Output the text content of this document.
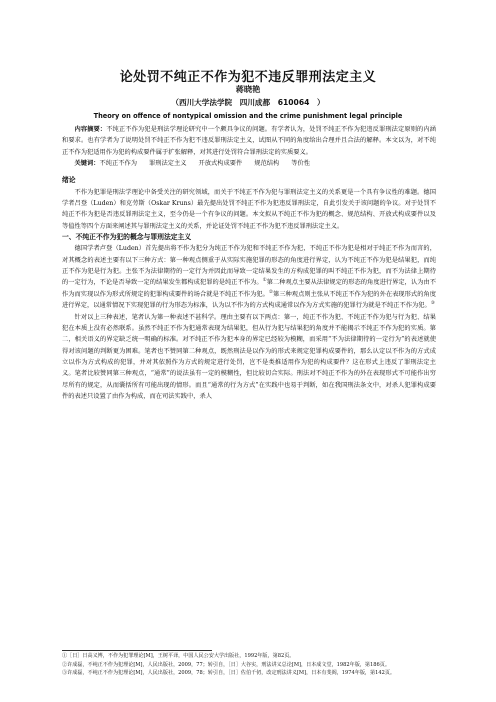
论处罚不纯正不作为犯不违反罪刑法定主义
蒋晓艳
（西川大学法学院　四川成都　610064　）
Theory on offence of nontypical omission and the crime punishment legal principle

内容摘要：不纯正不作为犯是刑法学理论研究中一个颇具争议的问题。有学者认为，处罚不纯正不作为犯违反罪刑法定原则的内涵和要求。也有学者为了说明处罚不纯正不作为犯不违反罪刑法定主义，试图从不同的角度给出合理并且合法的解释。本文以为，对不纯正不作为犯适用作为犯的构成要件属于扩张解释，对其进行处罚符合罪刑法定的实质要义。

关键词：不纯正不作为 罪刑法定主义 开放式构成要件 规范结构 等价性

绪论

不作为犯罪是刑法学理论中备受关注的研究领域，而关于不纯正不作为犯与罪刑法定主义的关系更是一个具有争议性的难题。德国学者吕登（Luden）和克劳斯（Oskar Kruns）最先提出处罚不纯正不作为犯违反罪刑法定，自此引发关于该问题的争议。对于处罚不纯正不作为犯是否违反罪刑法定主义，至今仍是一个有争议的问题。本文拟从不纯正不作为犯的概念、规范结构、开放式构成要件以及等值性等四个方面来阐述其与罪刑法定主义的关系，并论证处罚不纯正不作为犯不违反罪刑法定主义。

一、不纯正不作为犯的概念与罪刑法定主义

德国学者卢登（Luden）首先提出将不作为犯分为纯正不作为犯和不纯正不作为犯，不纯正不作为犯是相对于纯正不作为而言的，对其概念的表述主要有以下三种方式：第一种观点侧重于从实际实施犯罪的形态的角度进行界定，认为不纯正不作为犯是结果犯，而纯正不作为犯是行为犯。主张不为法律期待的一定行为并因此而导致一定结果发生的方构成犯罪的叫不纯正不作为犯，而不为法律上期待的一定行为，不论是否导致一定的结果发生都构成犯罪的是纯正不作为。①第二种观点主要从法律规定的形态的角度进行界定，认为由不作为而实现以作为形式所规定的犯罪构成要件的场合就是不纯正不作为犯。②第三种观点则主张从不纯正不作为犯的外在表现形式的角度进行界定，以通常情况下实现犯罪的行为形态为标准，认为以不作为的方式构成通常以作为方式实施的犯罪行为就是不纯正不作为犯。③

针对以上三种表述，笔者认为第一种表述不甚科学。理由主要有以下两点：第一，纯正不作为犯、不纯正不作为犯与行为犯、结果犯在本质上没有必然联系。虽然不纯正不作为犯通常表现为结果犯，但从行为犯与结果犯的角度并不能揭示不纯正不作为犯的实质。第二，相关语义的界定缺乏统一明确的标准。对不纯正不作为犯本身的界定已经较为模糊，而采用“不为法律期待的一定行为”的表述就使得对该问题的判断更为困难。笔者也不赞同第二种观点，既然刑法是以作为的形式来规定犯罪构成要件的，那么认定以不作为的方式成立以作为方式构成的犯罪，并对其依照作为方式的规定进行处罚，岂不是类推适用作为犯的构成要件？这在形式上违反了罪刑法定主义。笔者比较赞同第三种观点，“通常”的说法虽有一定的模糊性，但比较切合实际。刑法对不纯正不作为的外在表现形式不可能作出穷尽所有的规定，从而囊括所有可能出现的情形。而且“通常的行为方式”在实践中也易于判断，如在我国刑法条文中，对杀人犯罪构成要件的表述只设置了由作为构成，而在司法实践中，杀人

①［日］日高义博，不作为犯罪理论[M]，王树平译，中国人民公安大学出版社，1992年版，第82页。

②许成磊，不纯正不作为犯理论[M]，人民出版社，2009，77；转引自，［日］大谷实，刑法讲义总论[M]，日本成文堂，1982年版，第186页。

③许成磊，不纯正不作为犯理论[M]，人民出版社，2009，78；转引自，［日］佐伯千仞，改定刑法讲义[M]，日本有斐阁，1974年版，第142页。
